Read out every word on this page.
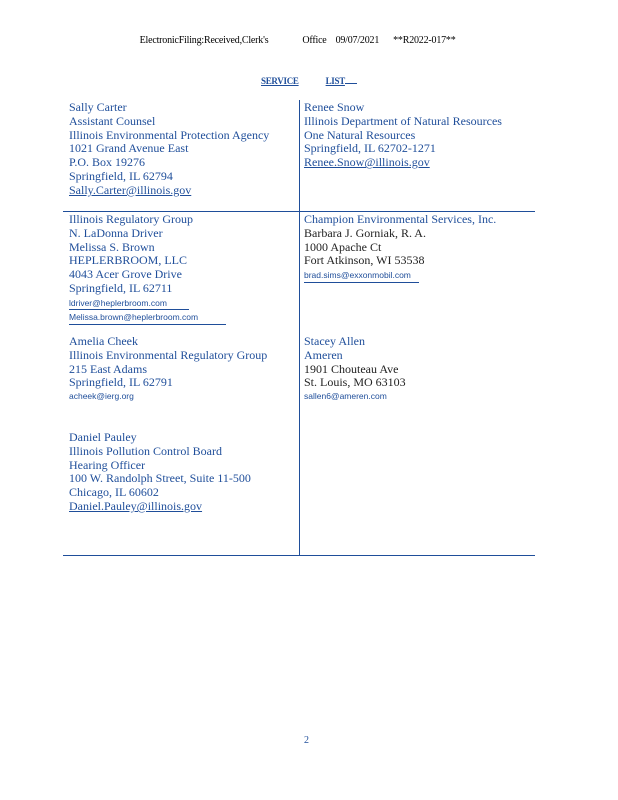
ElectronicFiling:Received,Clerk's	Office 09/07/2021 **R2022-017**

SERVICE	LIST
Sally Carter
Assistant Counsel
Illinois Environmental Protection Agency
1021 Grand Avenue East
P.O. Box 19276
Springfield, IL 62794
Sally.Carter@illinois.gov
Renee Snow
Illinois Department of Natural Resources
One Natural Resources
Springfield, IL 62702-1271
Renee.Snow@illinois.gov
Illinois Regulatory Group
N. LaDonna Driver
Melissa S. Brown
HEPLERBROOM, LLC
4043 Acer Grove Drive
Springfield, IL 62711
ldriver@heplerbroom.com
Melissa.brown@heplerbroom.com
Champion Environmental Services, Inc.
Barbara J. Gorniak, R. A.
1000 Apache Ct
Fort Atkinson, WI 53538
brad.sims@exxonmobil.com
Amelia Cheek
Illinois Environmental Regulatory Group
215 East Adams
Springfield, IL 62791
acheek@ierg.org
Stacey Allen
Ameren
1901 Chouteau Ave
St. Louis, MO 63103
sallen6@ameren.com
Daniel Pauley
Illinois Pollution Control Board
Hearing Officer
100 W. Randolph Street, Suite 11-500
Chicago, IL 60602
Daniel.Pauley@illinois.gov
2
